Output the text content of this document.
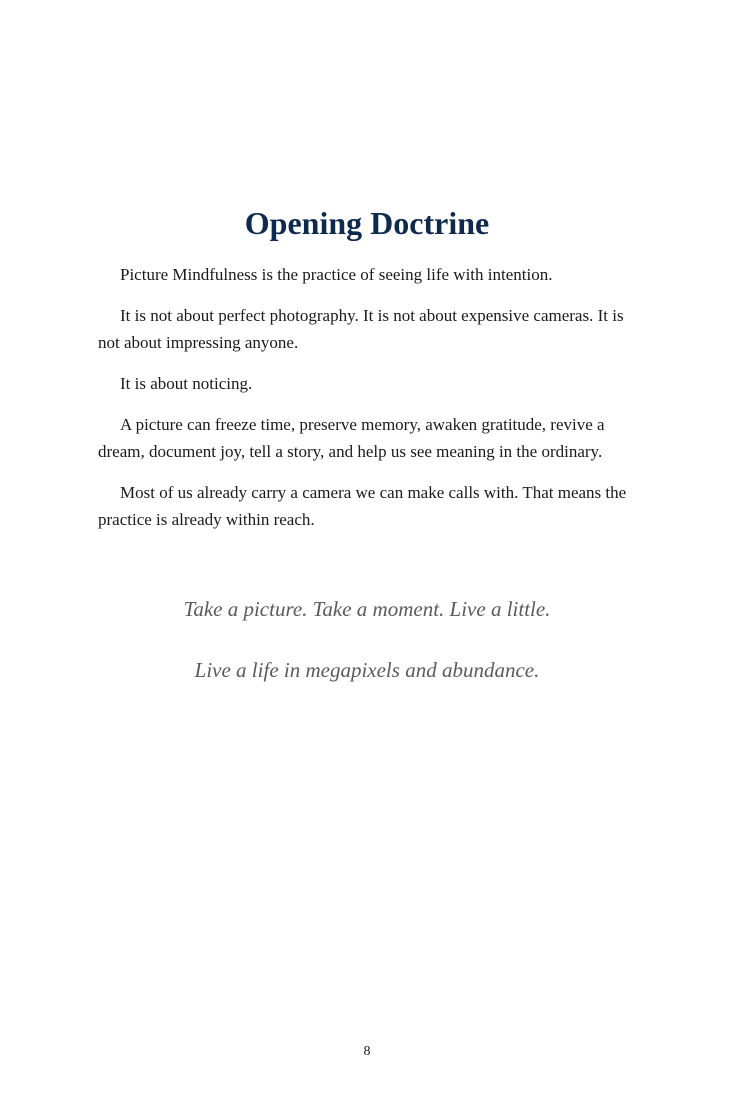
Opening Doctrine

Picture Mindfulness is the practice of seeing life with intention.

It is not about perfect photography. It is not about expensive cameras. It is not about impressing anyone.

It is about noticing.

A picture can freeze time, preserve memory, awaken gratitude, revive a dream, document joy, tell a story, and help us see meaning in the ordinary.

Most of us already carry a camera we can make calls with. That means the practice is already within reach.

Take a picture. Take a moment. Live a little.

Live a life in megapixels and abundance.

8
